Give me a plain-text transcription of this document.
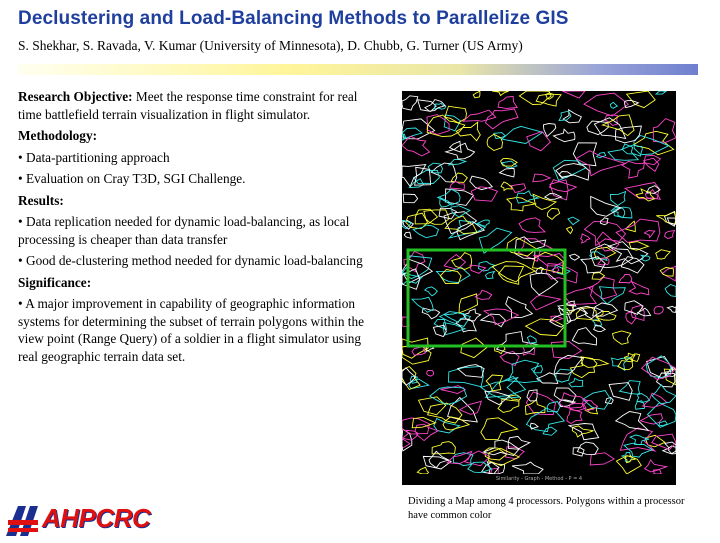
Declustering and Load-Balancing Methods to Parallelize GIS
S. Shekhar, S. Ravada, V. Kumar (University of Minnesota), D. Chubb, G. Turner (US Army)

Research Objective: Meet the response time constraint for real time battlefield terrain visualization in flight simulator.

Methodology:

• Data-partitioning approach

• Evaluation on Cray T3D, SGI Challenge.

Results:

• Data replication needed for dynamic load-balancing, as local processing is cheaper than data transfer

• Good de-clustering method needed for dynamic load-balancing

Significance:

• A major improvement in capability of geographic information systems for determining the subset of terrain polygons within the view point (Range Query) of a soldier in a flight simulator using real geographic terrain data set.

Similarity - Graph - Method - P = 4
Dividing a Map among 4 processors. Polygons within a processor have common color
AHPCRC
